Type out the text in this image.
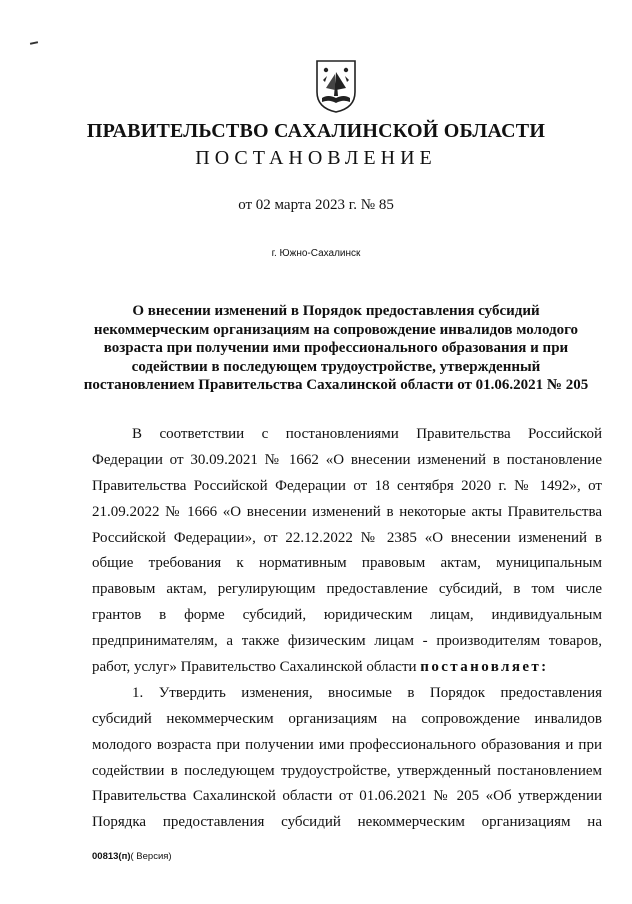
ПРАВИТЕЛЬСТВО САХАЛИНСКОЙ ОБЛАСТИ
ПОСТАНОВЛЕНИЕ
от 02 марта 2023 г. № 85
г. Южно-Сахалинск
О внесении изменений в Порядок предоставления субсидий
некоммерческим организациям на сопровождение инвалидов молодого
возраста при получении ими профессионального образования и при
содействии в последующем трудоустройстве, утвержденный
постановлением Правительства Сахалинской области от 01.06.2021 № 205
В соответствии с постановлениями Правительства Российской
Федерации от 30.09.2021 № 1662 «О внесении изменений в постановление
Правительства Российской Федерации от 18 сентября 2020 г. № 1492», от
21.09.2022 № 1666 «О внесении изменений в некоторые акты Правительства
Российской Федерации», от 22.12.2022 № 2385 «О внесении изменений в
общие требования к нормативным правовым актам, муниципальным
правовым актам, регулирующим предоставление субсидий, в том числе
грантов в форме субсидий, юридическим лицам, индивидуальным
предпринимателям, а также физическим лицам - производителям товаров,
работ, услуг» Правительство Сахалинской области постановляет:
1. Утвердить изменения, вносимые в Порядок предоставления
субсидий некоммерческим организациям на сопровождение инвалидов
молодого возраста при получении ими профессионального образования и при
содействии в последующем трудоустройстве, утвержденный постановлением
Правительства Сахалинской области от 01.06.2021 № 205 «Об утверждении
Порядка предоставления субсидий некоммерческим организациям на
00813(п)( Версия)
